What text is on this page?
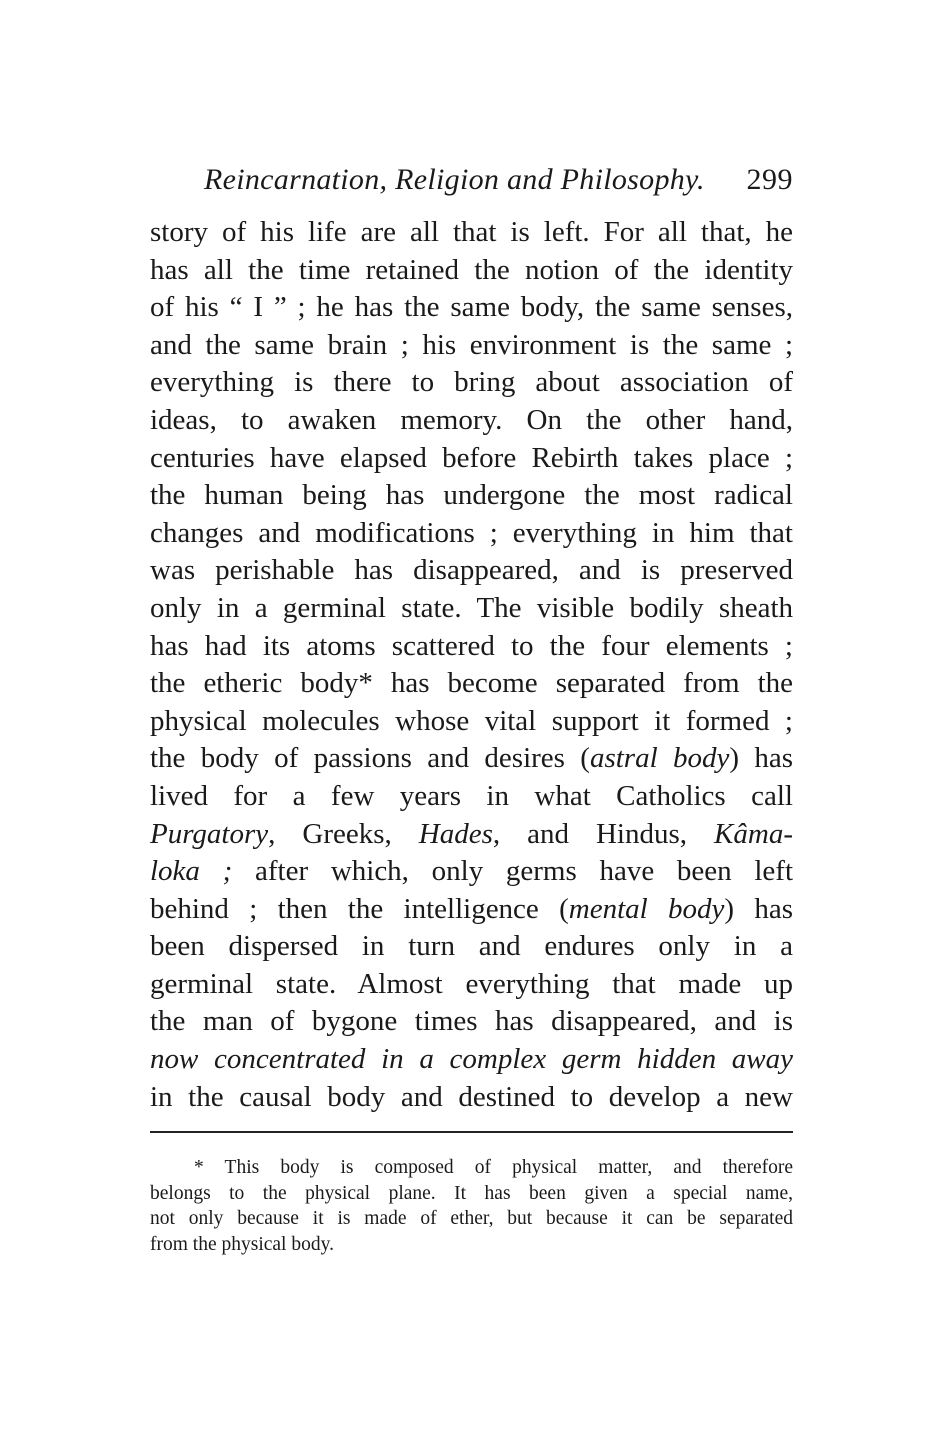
Reincarnation, Religion and Philosophy. 299
story of his life are all that is left. For all that, he
has all the time retained the notion of the identity
of his “ I ” ; he has the same body, the same senses,
and the same brain ; his environment is the same ;
everything is there to bring about association of
ideas, to awaken memory. On the other hand,
centuries have elapsed before Rebirth takes place ;
the human being has undergone the most radical
changes and modifications ; everything in him that
was perishable has disappeared, and is preserved
only in a germinal state. The visible bodily sheath
has had its atoms scattered to the four elements ;
the etheric body* has become separated from the
physical molecules whose vital support it formed ;
the body of passions and desires (astral body) has
lived for a few years in what Catholics call
Purgatory, Greeks, Hades, and Hindus, Kâma-
loka ; after which, only germs have been left
behind ; then the intelligence (mental body) has
been dispersed in turn and endures only in a
germinal state. Almost everything that made up
the man of bygone times has disappeared, and is
now concentrated in a complex germ hidden away
in the causal body and destined to develop a new
* This body is composed of physical matter, and therefore
belongs to the physical plane. It has been given a special name,
not only because it is made of ether, but because it can be separated
from the physical body.
